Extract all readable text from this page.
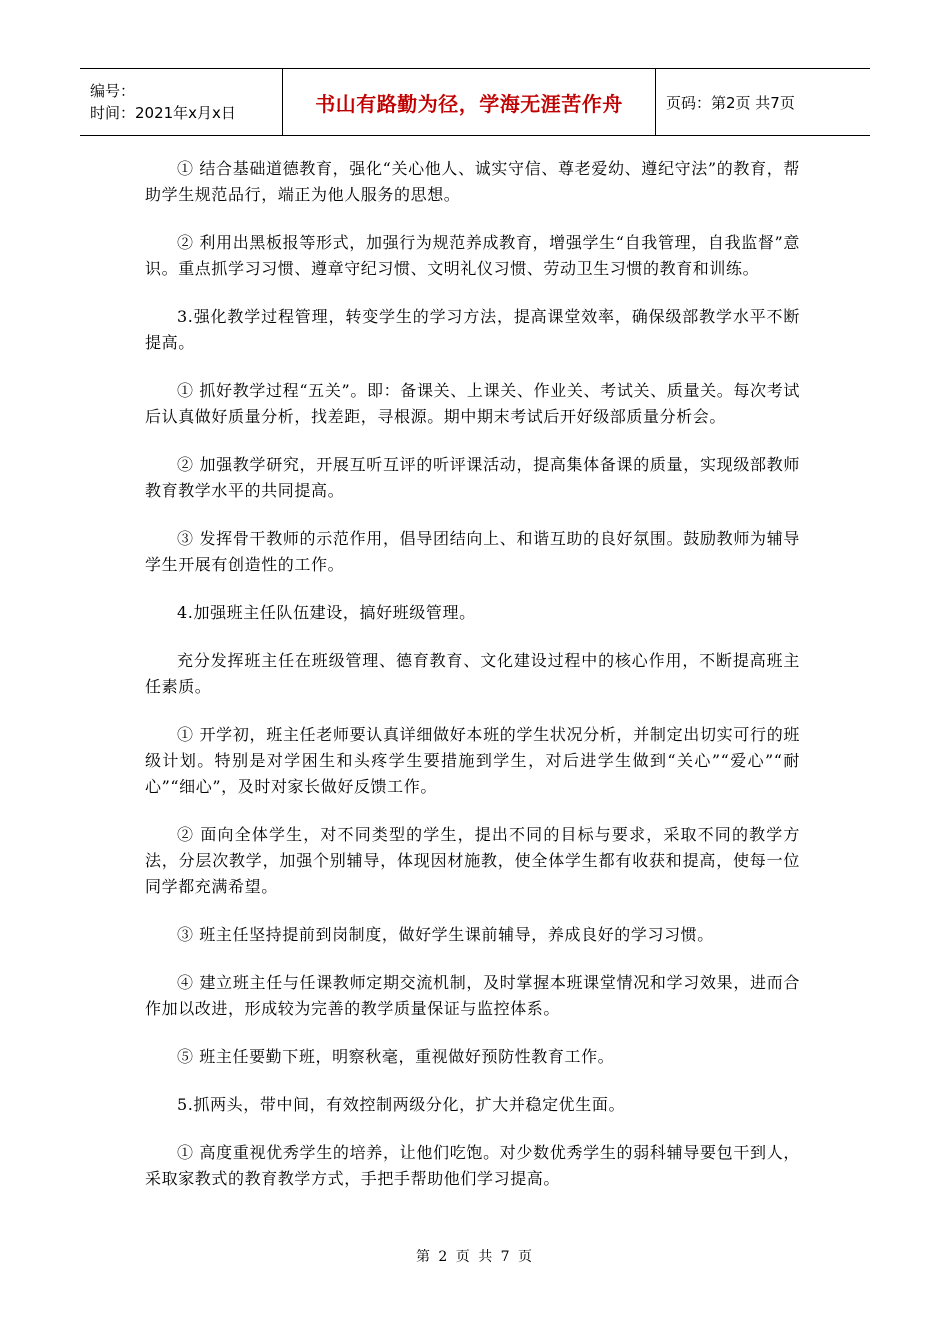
编号：
时间：2021年x月x日	书山有路勤为径，学海无涯苦作舟	页码：第2页 共7页

① 结合基础道德教育，强化“关心他人、诚实守信、尊老爱幼、遵纪守法”的教育，帮助学生规范品行，端正为他人服务的思想。

② 利用出黑板报等形式，加强行为规范养成教育，增强学生“自我管理，自我监督”意识。重点抓学习习惯、遵章守纪习惯、文明礼仪习惯、劳动卫生习惯的教育和训练。

3.强化教学过程管理，转变学生的学习方法，提高课堂效率，确保级部教学水平不断提高。

① 抓好教学过程“五关”。即：备课关、上课关、作业关、考试关、质量关。每次考试后认真做好质量分析，找差距，寻根源。期中期末考试后开好级部质量分析会。

② 加强教学研究，开展互听互评的听评课活动，提高集体备课的质量，实现级部教师教育教学水平的共同提高。

③ 发挥骨干教师的示范作用，倡导团结向上、和谐互助的良好氛围。鼓励教师为辅导学生开展有创造性的工作。

4.加强班主任队伍建设，搞好班级管理。

充分发挥班主任在班级管理、德育教育、文化建设过程中的核心作用，不断提高班主任素质。

① 开学初，班主任老师要认真详细做好本班的学生状况分析，并制定出切实可行的班级计划。特别是对学困生和头疼学生要措施到学生，对后进学生做到“关心”“爱心”“耐心”“细心”，及时对家长做好反馈工作。

② 面向全体学生，对不同类型的学生，提出不同的目标与要求，采取不同的教学方法，分层次教学，加强个别辅导，体现因材施教，使全体学生都有收获和提高，使每一位同学都充满希望。

③ 班主任坚持提前到岗制度，做好学生课前辅导，养成良好的学习习惯。

④ 建立班主任与任课教师定期交流机制，及时掌握本班课堂情况和学习效果，进而合作加以改进，形成较为完善的教学质量保证与监控体系。

⑤ 班主任要勤下班，明察秋毫，重视做好预防性教育工作。

5.抓两头，带中间，有效控制两级分化，扩大并稳定优生面。

① 高度重视优秀学生的培养，让他们吃饱。对少数优秀学生的弱科辅导要包干到人，采取家教式的教育教学方式，手把手帮助他们学习提高。

第 2 页 共 7 页
